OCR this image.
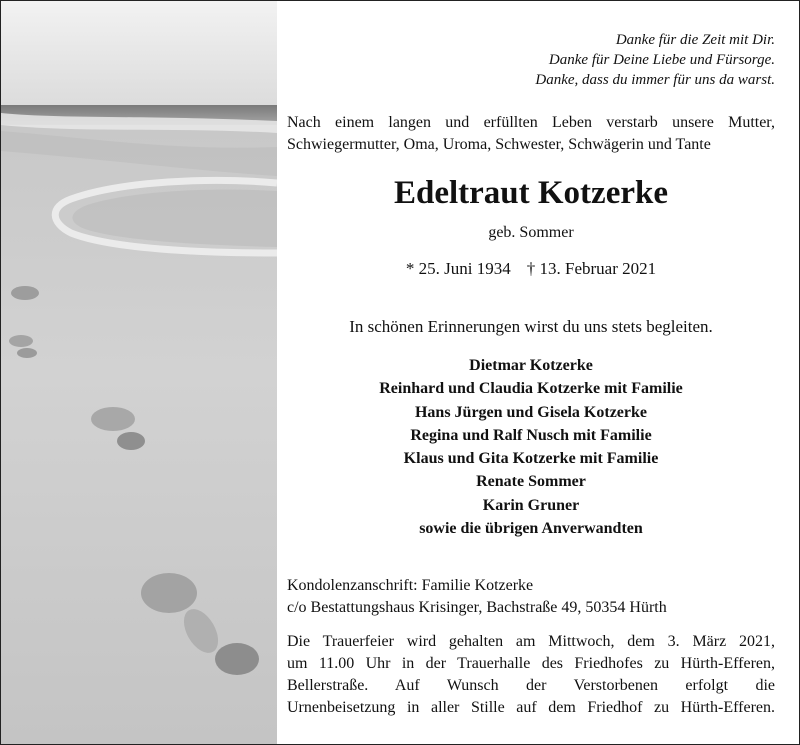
Danke für die Zeit mit Dir.
Danke für Deine Liebe und Fürsorge.
Danke, dass du immer für uns da warst.
Nach einem langen und erfüllten Leben verstarb unsere Mutter,
Schwiegermutter, Oma, Uroma, Schwester, Schwägerin und Tante
Edeltraut Kotzerke
geb. Sommer
* 25. Juni 1934 † 13. Februar 2021
In schönen Erinnerungen wirst du uns stets begleiten.
Dietmar Kotzerke
Reinhard und Claudia Kotzerke mit Familie
Hans Jürgen und Gisela Kotzerke
Regina und Ralf Nusch mit Familie
Klaus und Gita Kotzerke mit Familie
Renate Sommer
Karin Gruner
sowie die übrigen Anverwandten
Kondolenzanschrift: Familie Kotzerke
c/o Bestattungshaus Krisinger, Bachstraße 49, 50354 Hürth
Die Trauerfeier wird gehalten am Mittwoch, dem 3. März 2021,
um 11.00 Uhr in der Trauerhalle des Friedhofes zu Hürth-Efferen,
Bellerstraße. Auf Wunsch der Verstorbenen erfolgt die
Urnenbeisetzung in aller Stille auf dem Friedhof zu Hürth-Efferen.
